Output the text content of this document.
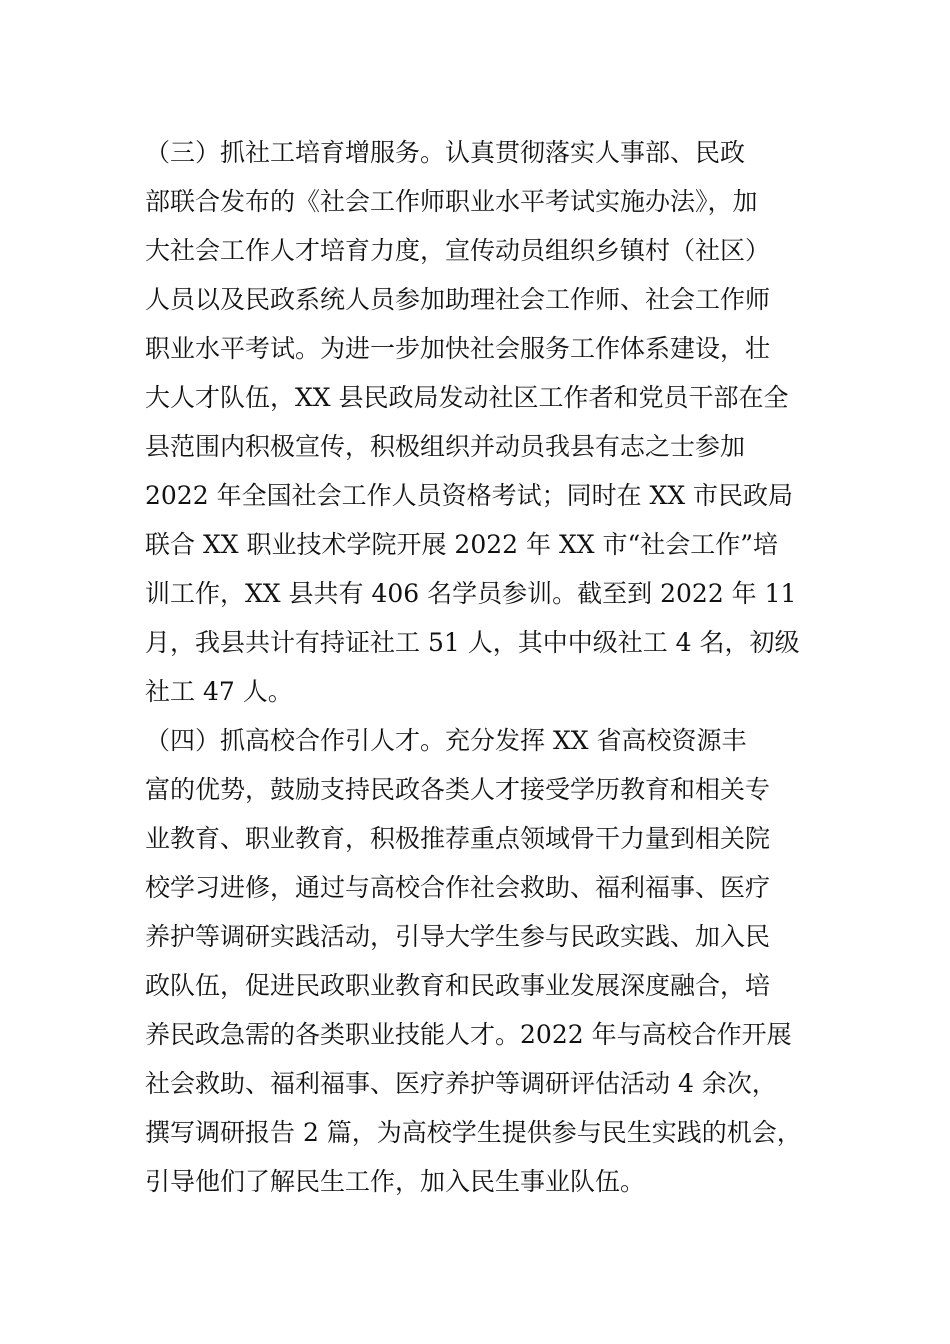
（三）抓社工培育增服务。认真贯彻落实人事部、民政
部联合发布的《社会工作师职业水平考试实施办法》，加
大社会工作人才培育力度，宣传动员组织乡镇村（社区）
人员以及民政系统人员参加助理社会工作师、社会工作师
职业水平考试。为进一步加快社会服务工作体系建设，壮
大人才队伍，XX 县民政局发动社区工作者和党员干部在全
县范围内积极宣传，积极组织并动员我县有志之士参加
2022 年全国社会工作人员资格考试；同时在 XX 市民政局
联合 XX 职业技术学院开展 2022 年 XX 市“社会工作”培
训工作，XX 县共有 406 名学员参训。截至到 2022 年 11
月，我县共计有持证社工 51 人，其中中级社工 4 名，初级
社工 47 人。
（四）抓高校合作引人才。充分发挥 XX 省高校资源丰
富的优势，鼓励支持民政各类人才接受学历教育和相关专
业教育、职业教育，积极推荐重点领域骨干力量到相关院
校学习进修，通过与高校合作社会救助、福利福事、医疗
养护等调研实践活动，引导大学生参与民政实践、加入民
政队伍，促进民政职业教育和民政事业发展深度融合，培
养民政急需的各类职业技能人才。2022 年与高校合作开展
社会救助、福利福事、医疗养护等调研评估活动 4 余次，
撰写调研报告 2 篇，为高校学生提供参与民生实践的机会，
引导他们了解民生工作，加入民生事业队伍。
